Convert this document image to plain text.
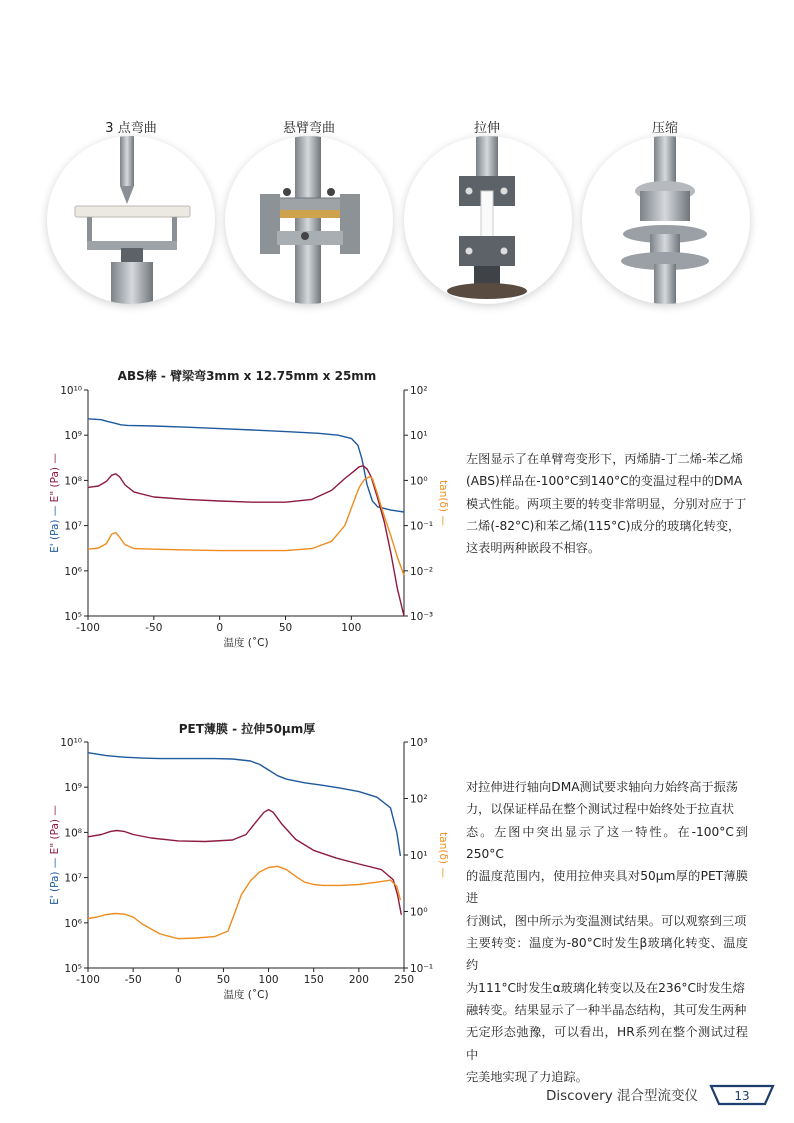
3 点弯曲	悬臂弯曲	拉伸	压缩
ABS棒 - 臂梁弯3mm x 12.75mm x 25mm
-100	-50	0	50	100
10⁵
10⁶
10⁷
10⁸
10⁹
10¹⁰
10⁻³
10⁻²
10⁻¹
10⁰
10¹
10²
温度 (˚C)
E' (Pa) — E" (Pa) —
tan(δ) —
PET薄膜 - 拉伸50μm厚
-100 -50	0	50	100 150 200 250
10⁵
10⁶
10⁷
10⁸
10⁹
10¹⁰
10⁻¹
10⁰
10¹
10²
10³
温度 (˚C)
E' (Pa) — E" (Pa) —
tan(δ) —
左图显示了在单臂弯变形下，丙烯腈-丁二烯-苯乙烯
(ABS)样品在-100°C到140°C的变温过程中的DMA
模式性能。两项主要的转变非常明显，分别对应于丁
二烯(-82°C)和苯乙烯(115°C)成分的玻璃化转变，
这表明两种嵌段不相容。
对拉伸进行轴向DMA测试要求轴向力始终高于振荡
力，以保证样品在整个测试过程中始终处于拉直状
态。左图中突出显示了这一特性。在-100°C到250°C
的温度范围内，使用拉伸夹具对50μm厚的PET薄膜进
行测试，图中所示为变温测试结果。可以观察到三项
主要转变：温度为-80°C时发生β玻璃化转变、温度约
为111°C时发生α玻璃化转变以及在236°C时发生熔
融转变。结果显示了一种半晶态结构，其可发生两种
无定形态弛豫，可以看出，HR系列在整个测试过程中
完美地实现了力追踪。
Discovery 混合型流变仪	13
